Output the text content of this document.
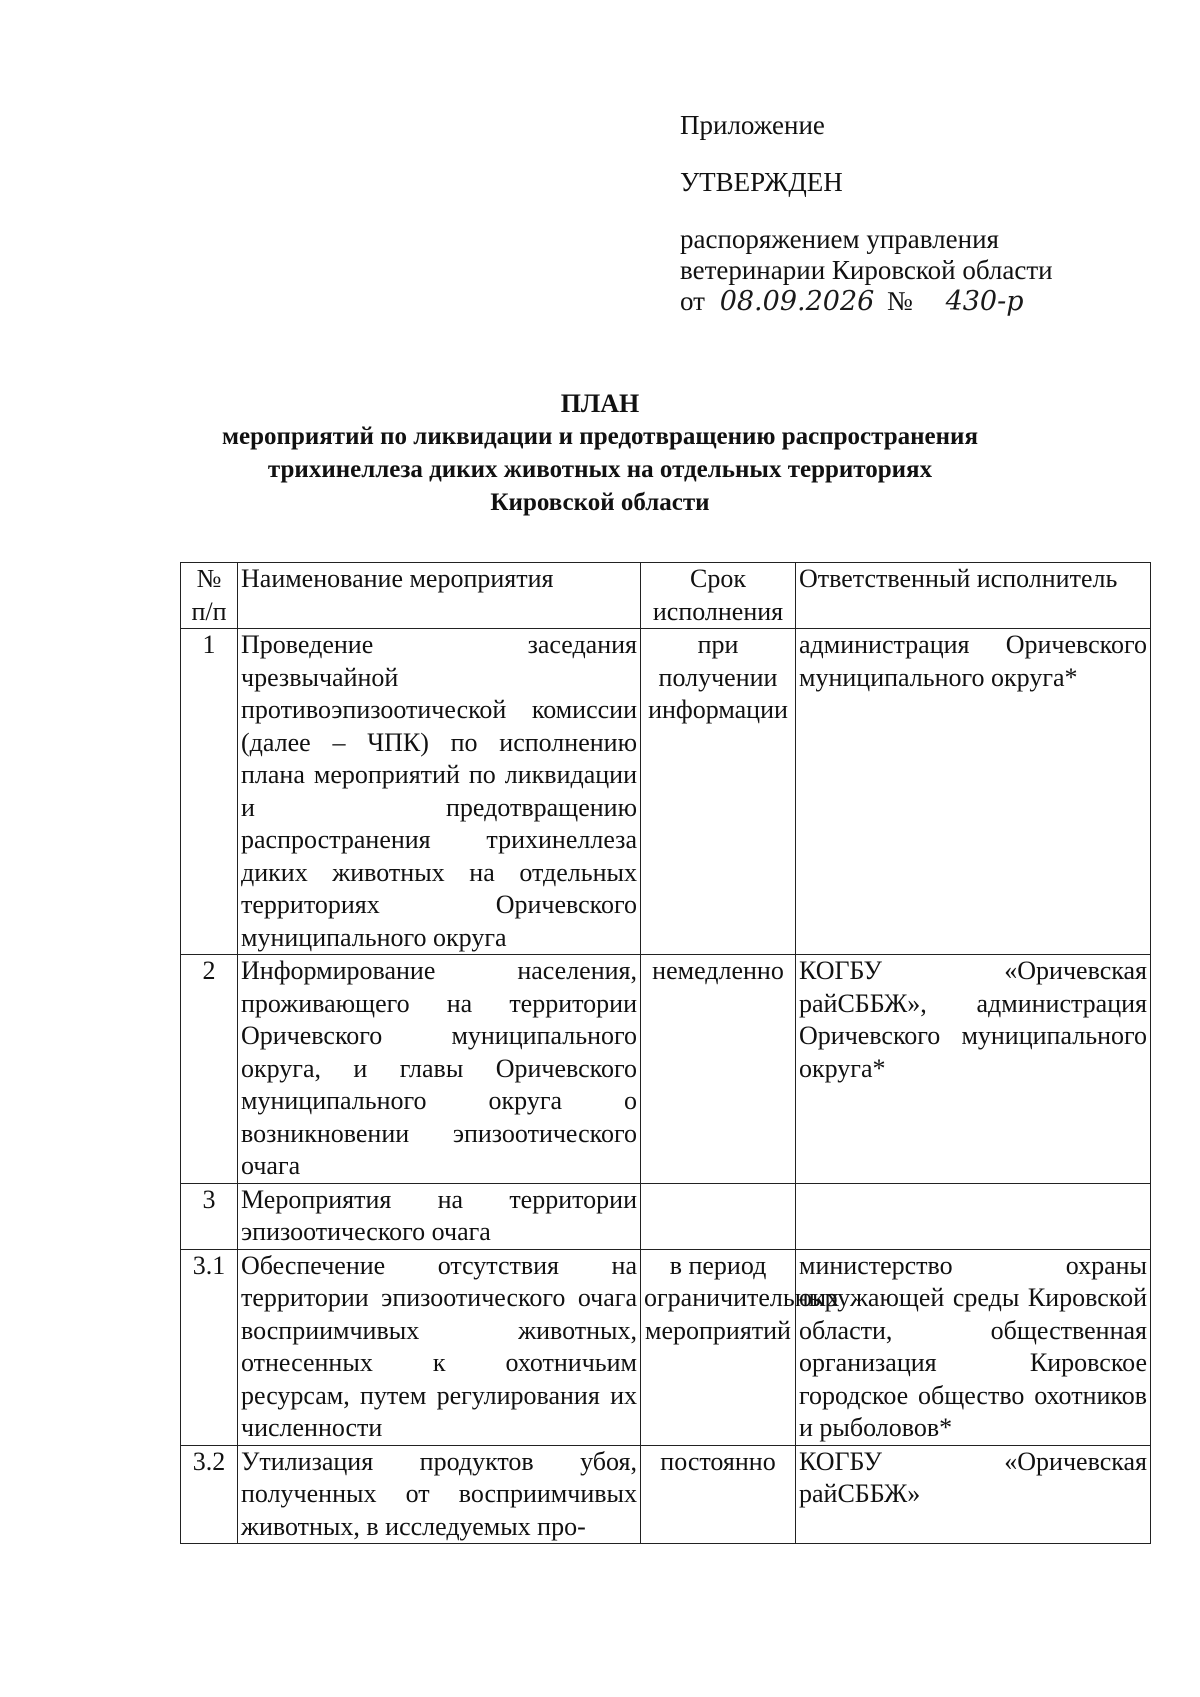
Приложение

УТВЕРЖДЕН

распоряжением управления

ветеринарии Кировской области

от 08.09.2026 № 430-р

ПЛАН
мероприятий по ликвидации и предотвращению распространения
трихинеллеза диких животных на отдельных территориях
Кировской области
№ п/п	Наименование мероприятия	Срок исполнения	Ответственный исполнитель
1	Проведение заседания чрезвычайной противоэпизоотической комиссии (далее – ЧПК) по исполнению плана мероприятий по ликвидации и предотвращению распространения трихинеллеза диких животных на отдельных территориях Оричевского муниципального округа	при получении информации	администрация Оричевского муниципального округа*
2	Информирование населения, проживающего на территории Оричевского муниципального округа, и главы Оричевского муниципального округа о возникновении эпизоотического очага	немедленно	КОГБУ «Оричевская райСББЖ», администрация Оричевского муниципального округа*
3	Мероприятия на территории эпизоотического очага		
3.1	Обеспечение отсутствия на территории эпизоотического очага восприимчивых животных, отнесенных к охотничьим ресурсам, путем регулирования их численности	в период ограничительных мероприятий	министерство охраны окружающей среды Кировской области, общественная организация Кировское городское общество охотников и рыболовов*
3.2	Утилизация продуктов убоя, полученных от восприимчивых животных, в исследуемых про-	постоянно	КОГБУ «Оричевская райСББЖ»
